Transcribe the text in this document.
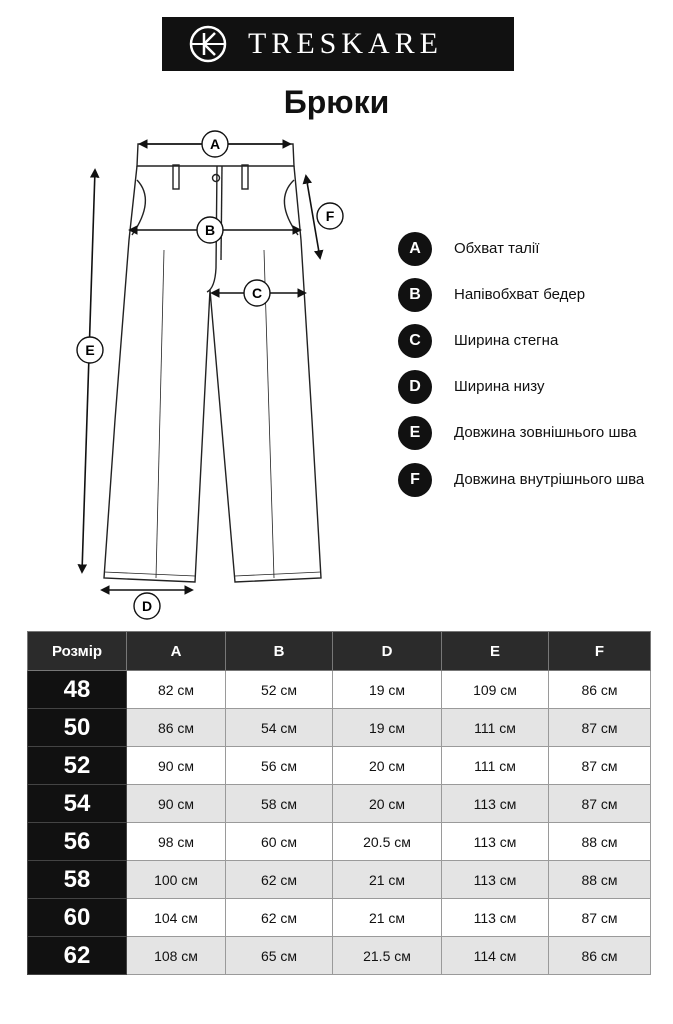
TRESKARE
Брюки
A
B
C
D
E
F
A	Обхват талії
B	Напівобхват бедер
C	Ширина стегна
D	Ширина низу
E	Довжина зовнішнього шва
F	Довжина внутрішнього шва
Розмір	A	B	D	E	F
48	82 см	52 см	19 см	109 см	86 см
50	86 см	54 см	19 см	111 см	87 см
52	90 см	56 см	20 см	111 см	87 см
54	90 см	58 см	20 см	113 см	87 см
56	98 см	60 см	20.5 см	113 см	88 см
58	100 см	62 см	21 см	113 см	88 см
60	104 см	62 см	21 см	113 см	87 см
62	108 см	65 см	21.5 см	114 см	86 см
